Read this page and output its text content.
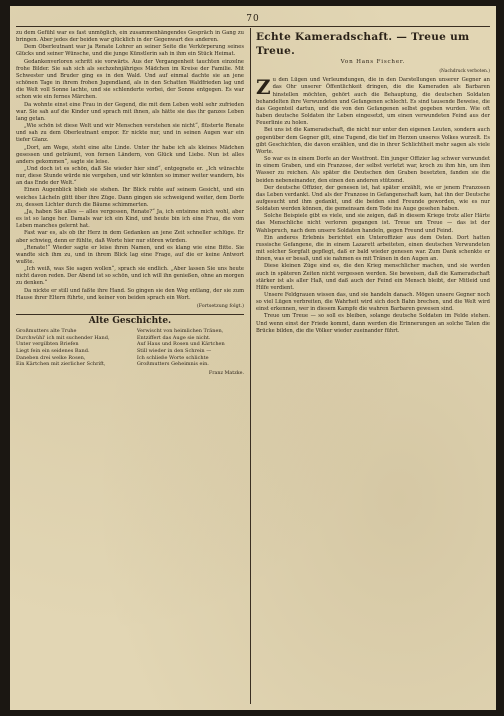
70

zu dem Gefühl war es fast unmöglich, ein zusammenhängendes Gespräch in Gang zu bringen. Aber jedes der beiden war glücklich in der Gegenwart des anderen.

Dem Oberleutnant war ja Renate Lohrer an seiner Seite die Verkörperung seines Glücks und seiner Wünsche, und die junge Künstlerin sah in ihm ein Stück Heimat.

Gedankenverloren schritt sie vorwärts. Aus der Vergangenheit tauchten einzelne frohe Bilder. Sie sah sich als sechzehnjähriges Mädchen im Kreise der Familie. Mit Schwester und Bruder ging es in den Wald. Und auf einmal dachte sie an jene schönen Tage in ihrem frohen Jugendland, als in den Schatten Waldfrieden lag und die Welt voll Sonne lachte, und sie schlenderte vorbei, der Sonne entgegen. Es war schon wie ein fernes Märchen.

Da wohnte einst eine Frau in der Gegend, die mit dem Leben wohl sehr zufrieden war. Sie sah auf die Kinder und sprach mit ihnen, als hätte sie das ihr ganzes Leben lang getan.

„Wie schön ist diese Welt und wir Menschen verstehen sie nicht“, flüsterte Renate und sah zu dem Oberleutnant empor. Er nickte nur, und in seinen Augen war ein tiefer Glanz.

„Dort, am Wege, steht eine alte Linde. Unter ihr habe ich als kleines Mädchen gesessen und geträumt, von fernen Ländern, von Glück und Liebe. Nun ist alles anders gekommen“, sagte sie leise.

„Und doch ist es schön, daß Sie wieder hier sind“, entgegnete er. „Ich wünschte nur, diese Stunde würde nie vergehen, und wir könnten so immer weiter wandern, bis an das Ende der Welt.“

Einen Augenblick blieb sie stehen. Ihr Blick ruhte auf seinem Gesicht, und ein weiches Lächeln glitt über ihre Züge. Dann gingen sie schweigend weiter, dem Dorfe zu, dessen Lichter durch die Bäume schimmerten.

„Ja, haben Sie alles — alles vergessen, Renate?“ Ja, ich entsinne mich wohl, aber es ist so lange her. Damals war ich ein Kind, und heute bin ich eine Frau, die vom Leben manches gelernt hat.

Fast war es, als ob ihr Herz in dem Gedanken an jene Zeit schneller schlüge. Er aber schwieg, denn er fühlte, daß Worte hier nur stören würden.

„Renate!“ Wieder sagte er leise ihren Namen, und es klang wie eine Bitte. Sie wandte sich ihm zu, und in ihrem Blick lag eine Frage, auf die er keine Antwort wußte.

„Ich weiß, was Sie sagen wollen“, sprach sie endlich. „Aber lassen Sie uns heute nicht davon reden. Der Abend ist so schön, und ich will ihn genießen, ohne an morgen zu denken.“

Da nickte er still und faßte ihre Hand. So gingen sie den Weg entlang, der sie zum Hause ihrer Eltern führte, und keiner von beiden sprach ein Wort.

(Fortsetzung folgt.)
Alte Geschichte.
Großmutters alte Truhe
Durchwühl' ich mit suchender Hand,
Unter vergilbten Briefen
Liegt fein ein seidenes Band.
Daneben drei welke Rosen,
Ein Kärtchen mit zierlicher Schrift,
Verwischt von heimlichen Tränen,
Entziffert das Auge sie nicht.
Auf Haus und Rosen und Kärtchen
Still wieder in den Schrein —
Ich schließe Worte schlichte
Großmutters Geheimnis ein.
Franz Matzke.
Echte Kameradschaft. — Treue um Treue.
Von Hans Fischer.
(Nachdruck verboten.)

Zu den Lügen und Verleumdungen, die in den Darstellungen unserer Gegner an das Ohr unserer Öffentlichkeit dringen, die die Kameraden als Barbaren hinstellen möchten, gehört auch die Behauptung, die deutschen Soldaten behandelten ihre Verwundeten und Gefangenen schlecht. Es sind tausende Beweise, die das Gegenteil dartun, und die von den Gefangenen selbst gegeben wurden. Wie oft haben deutsche Soldaten ihr Leben eingesetzt, um einen verwundeten Feind aus der Feuerlinie zu holen.

Bei uns ist die Kameradschaft, die nicht nur unter den eigenen Leuten, sondern auch gegenüber dem Gegner gilt, eine Tugend, die tief im Herzen unseres Volkes wurzelt. Es gibt Geschichten, die davon erzählen, und die in ihrer Schlichtheit mehr sagen als viele Worte.

So war es in einem Dorfe an der Westfront. Ein junger Offizier lag schwer verwundet in einem Graben, und ein Franzose, der selbst verletzt war, kroch zu ihm hin, um ihm Wasser zu reichen. Als später die Deutschen den Graben besetzten, fanden sie die beiden nebeneinander, den einen den anderen stützend.

Der deutsche Offizier, der genesen ist, hat später erzählt, wie er jenem Franzosen das Leben verdankt. Und als der Franzose in Gefangenschaft kam, hat ihn der Deutsche aufgesucht und ihm gedankt, und die beiden sind Freunde geworden, wie es nur Soldaten werden können, die gemeinsam dem Tode ins Auge gesehen haben.

Solche Beispiele gibt es viele, und sie zeigen, daß in diesem Kriege trotz aller Härte das Menschliche nicht verloren gegangen ist. Treue um Treue — das ist der Wahlspruch, nach dem unsere Soldaten handeln, gegen Freund und Feind.

Ein anderes Erlebnis berichtet ein Unteroffizier aus dem Osten. Dort hatten russische Gefangene, die in einem Lazarett arbeiteten, einen deutschen Verwundeten mit solcher Sorgfalt gepflegt, daß er bald wieder genesen war. Zum Dank schenkte er ihnen, was er besaß, und sie nahmen es mit Tränen in den Augen an.

Diese kleinen Züge sind es, die den Krieg menschlicher machen, und sie werden auch in späteren Zeiten nicht vergessen werden. Sie beweisen, daß die Kameradschaft stärker ist als aller Haß, und daß auch der Feind ein Mensch bleibt, der Mitleid und Hilfe verdient.

Unsere Feldgrauen wissen das, und sie handeln danach. Mögen unsere Gegner noch so viel Lügen verbreiten, die Wahrheit wird sich doch Bahn brechen, und die Welt wird einst erkennen, wer in diesem Kampfe die wahren Barbaren gewesen sind.

Treue um Treue — so soll es bleiben, solange deutsche Soldaten im Felde stehen. Und wenn einst der Friede kommt, dann werden die Erinnerungen an solche Taten die Brücke bilden, die die Völker wieder zueinander führt.
